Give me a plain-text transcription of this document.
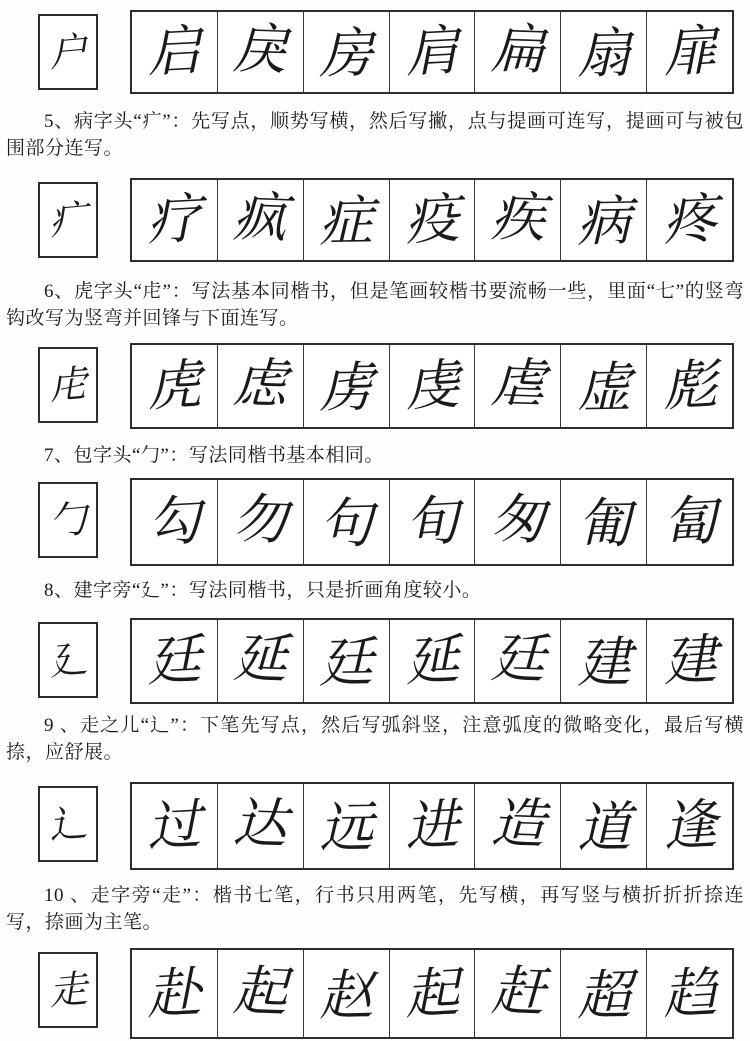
户 启 戾 房 肩 扁 扇 扉

5、病字头“疒”：先写点，顺势写横，然后写撇，点与提画可连写，提画可与被包围部分连写。

疒 疗 疯 症 疫 疾 病 疼

6、虎字头“虍”：写法基本同楷书，但是笔画较楷书要流畅一些，里面“七”的竖弯钩改写为竖弯并回锋与下面连写。

虍 虎 虑 虏 虔 虐 虚 彪

7、包字头“勹”：写法同楷书基本相同。

勹 勾 勿 句 旬 匆 匍 匐

8、建字旁“廴”：写法同楷书，只是折画角度较小。

廴 廷 延 廷 延 廷 建 建

9 、走之儿“辶”：下笔先写点，然后写弧斜竖，注意弧度的微略变化，最后写横捺，应舒展。

辶 过 达 远 进 造 道 逢

10 、走字旁“走”：楷书七笔，行书只用两笔，先写横，再写竖与横折折折捺连写，捺画为主笔。

走 赴 起 赵 起 赶 超 趋
